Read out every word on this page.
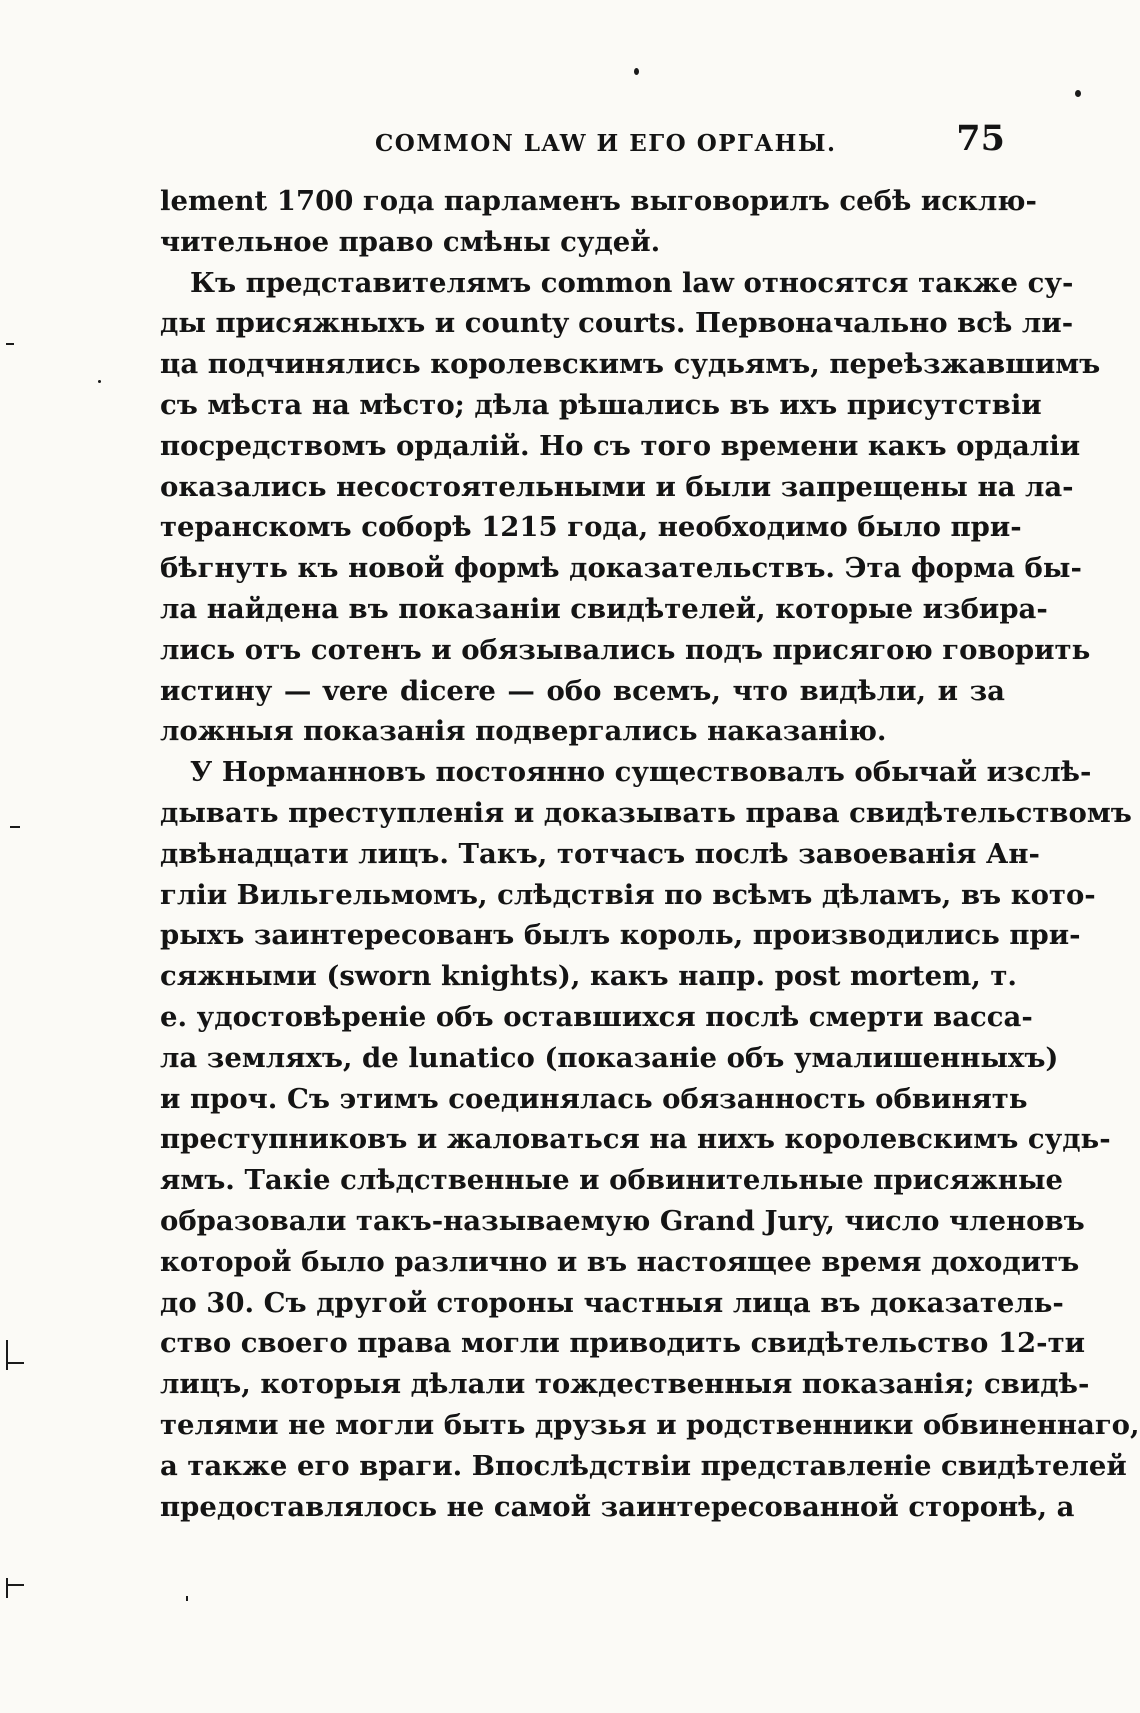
COMMON LAW И ЕГО ОРГАНЫ.	75
lement 1700 года парламенъ выговорилъ себѣ исклю-
чительное право смѣны судей.
Къ представителямъ common law относятся также су-
ды присяжныхъ и county courts. Первоначально всѣ ли-
ца подчинялись королевскимъ судьямъ, переѣзжавшимъ
съ мѣста на мѣсто; дѣла рѣшались въ ихъ присутствіи
посредствомъ ордалій. Но съ того времени какъ ордаліи
оказались несостоятельными и были запрещены на ла-
теранскомъ соборѣ 1215 года, необходимо было при-
бѣгнуть къ новой формѣ доказательствъ. Эта форма бы-
ла найдена въ показаніи свидѣтелей, которые избира-
лись отъ сотенъ и обязывались подъ присягою говорить
истину — vere dicere — обо всемъ, что видѣли, и за
ложныя показанія подвергались наказанію.
У Норманновъ постоянно существовалъ обычай изслѣ-
дывать преступленія и доказывать права свидѣтельствомъ
двѣнадцати лицъ. Такъ, тотчасъ послѣ завоеванія Ан-
гліи Вильгельмомъ, слѣдствія по всѣмъ дѣламъ, въ кото-
рыхъ заинтересованъ былъ король, производились при-
сяжными (sworn knights), какъ напр. post mortem, т.
е. удостовѣреніе объ оставшихся послѣ смерти васса-
ла земляхъ, de lunatico (показаніе объ умалишенныхъ)
и проч. Съ этимъ соединялась обязанность обвинять
преступниковъ и жаловаться на нихъ королевскимъ судь-
ямъ. Такіе слѣдственные и обвинительные присяжные
образовали такъ-называемую Grand Jury, число членовъ
которой было различно и въ настоящее время доходитъ
до 30. Съ другой стороны частныя лица въ доказатель-
ство своего права могли приводить свидѣтельство 12-ти
лицъ, которыя дѣлали тождественныя показанія; свидѣ-
телями не могли быть друзья и родственники обвиненнаго,
а также его враги. Впослѣдствіи представленіе свидѣтелей
предоставлялось не самой заинтересованной сторонѣ, а
